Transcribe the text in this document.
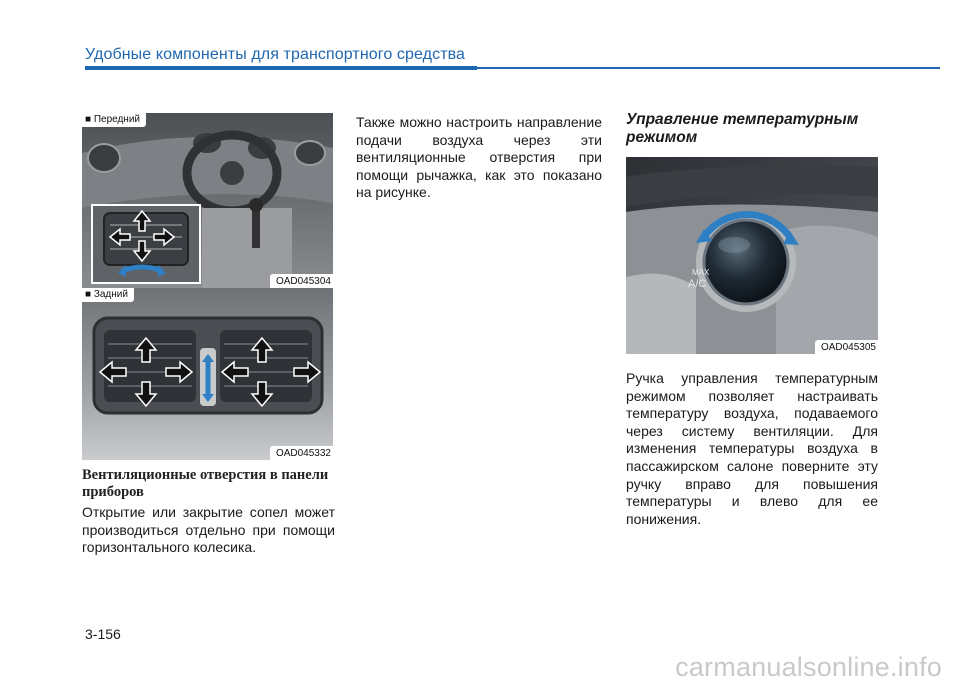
Удобные компоненты для транспортного средства
■ Передний
OAD045304
■ Задний
OAD045332
Вентиляционные отверстия в панели приборов
Открытие или закрытие сопел может производиться отдельно при помощи горизонтального колесика.
Также можно настроить направление подачи воздуха через эти вентиляционные отверстия при помощи рычажка, как это показано на рисунке.
Управление температурным режимом
MAX
A/C
OAD045305
Ручка управления температурным режимом позволяет настраивать температуру воздуха, подаваемого через систему вентиляции. Для изменения температуры воздуха в пассажирском салоне поверните эту ручку вправо для повышения температуры и влево для ее понижения.
3-156
carmanualsonline.info
